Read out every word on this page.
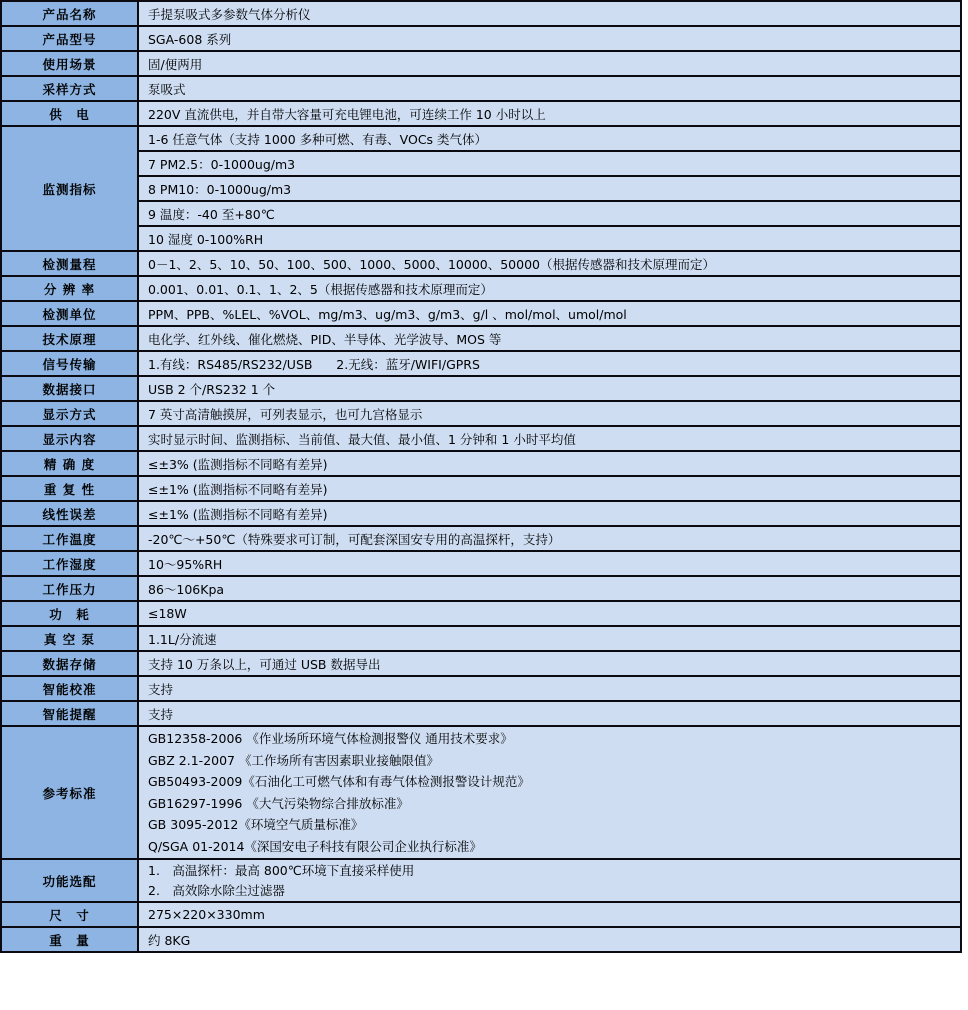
产品名称	手提泵吸式多参数气体分析仪
产品型号	SGA-608 系列
使用场景	固/便两用
采样方式	泵吸式
供　电	220V 直流供电，并自带大容量可充电锂电池，可连续工作 10 小时以上
监测指标	1-6 任意气体（支持 1000 多种可燃、有毒、VOCs 类气体）
	7 PM2.5：0-1000ug/m3
	8 PM10：0-1000ug/m3
	9 温度：-40 至+80℃
	10 湿度 0-100%RH
检测量程	0－1、2、5、10、50、100、500、1000、5000、10000、50000（根据传感器和技术原理而定）
分 辨 率	0.001、0.01、0.1、1、2、5（根据传感器和技术原理而定）
检测单位	PPM、PPB、%LEL、%VOL、mg/m3、ug/m3、g/m3、g/l 、mol/mol、umol/mol
技术原理	电化学、红外线、催化燃烧、PID、半导体、光学波导、MOS 等
信号传输	1.有线：RS485/RS232/USB      2.无线：蓝牙/WIFI/GPRS
数据接口	USB 2 个/RS232 1 个
显示方式	7 英寸高清触摸屏，可列表显示，也可九宫格显示
显示内容	实时显示时间、监测指标、当前值、最大值、最小值、1 分钟和 1 小时平均值
精 确 度	≤±3% (监测指标不同略有差异)
重 复 性	≤±1% (监测指标不同略有差异)
线性误差	≤±1% (监测指标不同略有差异)
工作温度	-20℃～+50℃（特殊要求可订制，可配套深国安专用的高温探杆，支持）
工作湿度	10～95%RH
工作压力	86～106Kpa
功　耗	≤18W
真 空 泵	1.1L/分流速
数据存储	支持 10 万条以上，可通过 USB 数据导出
智能校准	支持
智能提醒	支持
参考标准	
GB12358-2006 《作业场所环境气体检测报警仪 通用技术要求》
GBZ 2.1-2007 《工作场所有害因素职业接触限值》
GB50493-2009《石油化工可燃气体和有毒气体检测报警设计规范》
GB16297-1996 《大气污染物综合排放标准》
GB 3095-2012《环境空气质量标准》
Q/SGA 01-2014《深国安电子科技有限公司企业执行标准》

功能选配	1.　高温探杆：最高 800℃环境下直接采样使用
2.　高效除水除尘过滤器

尺　寸	275×220×330mm
重　量	约 8KG
